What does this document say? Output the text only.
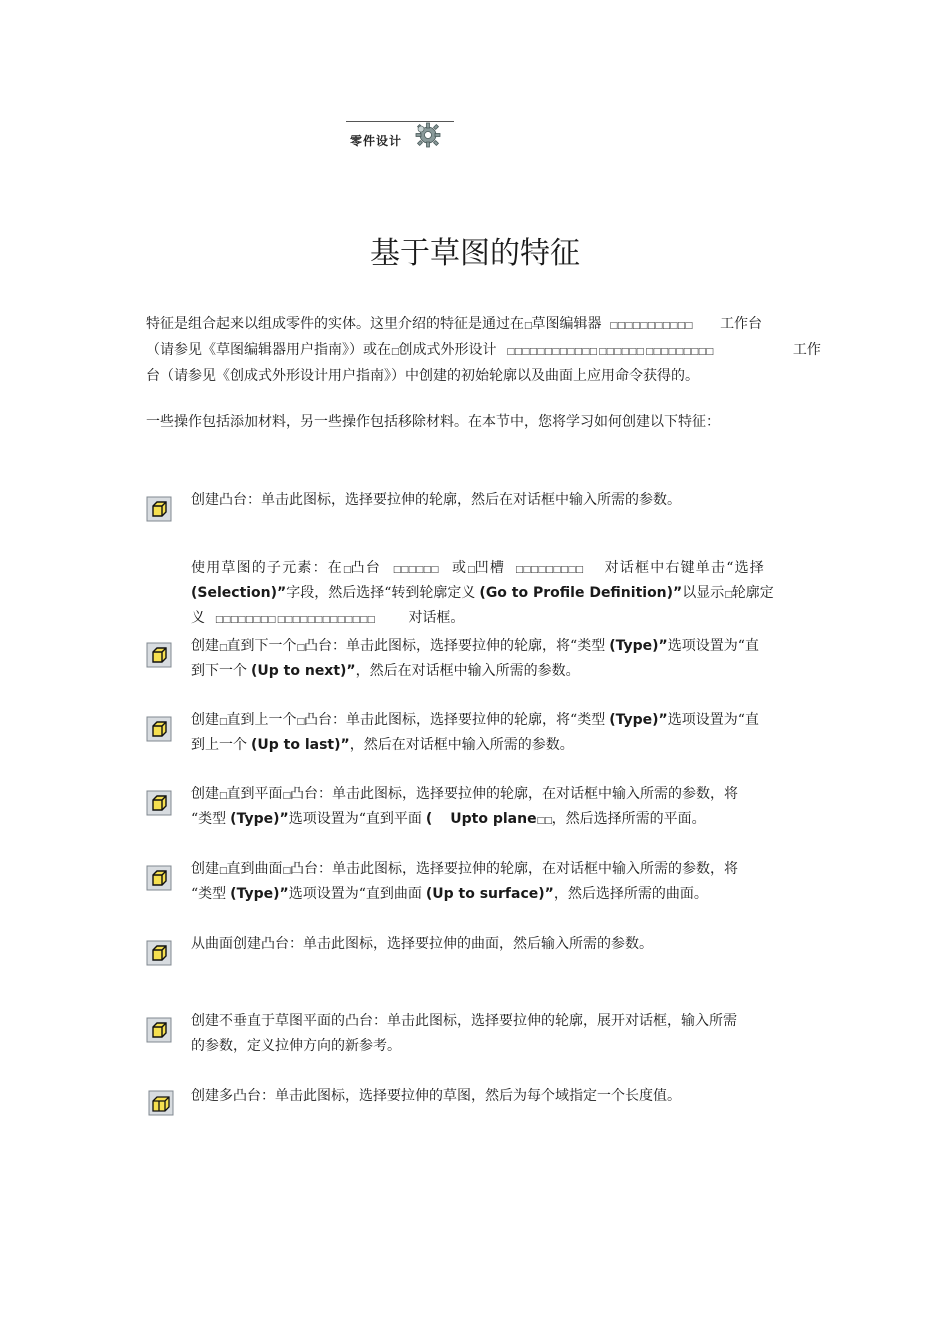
零件设计
基于草图的特征
特征是组合起来以组成零件的实体。这里介绍的特征是通过在□草图编辑器 □□□□□□□□□□□ 工作台
（请参见《草图编辑器用户指南》）或在□创成式外形设计 □□□□□□□□□□□□ □□□□□□ □□□□□□□□□	工作
台（请参见《创成式外形设计用户指南》）中创建的初始轮廓以及曲面上应用命令获得的。
一些操作包括添加材料，另一些操作包括移除材料。在本节中，您将学习如何创建以下特征：
创建凸台：单击此图标，选择要拉伸的轮廓，然后在对话框中输入所需的参数。
使用草图的子元素：在□凸台 □□□□□□ 或□凹槽 □□□□□□□□□ 对话框中右键单击“选择
(Selection)”字段，然后选择“转到轮廓定义 (Go to Profile Definition)”以显示□轮廓定
义 □□□□□□□□ □□□□□□□□□□□□□ 对话框。
创建□直到下一个□凸台：单击此图标，选择要拉伸的轮廓，将“类型 (Type)”选项设置为“直
到下一个 (Up to next)”，然后在对话框中输入所需的参数。
创建□直到上一个□凸台：单击此图标，选择要拉伸的轮廓，将“类型 (Type)”选项设置为“直
到上一个 (Up to last)”，然后在对话框中输入所需的参数。
创建□直到平面□凸台：单击此图标，选择要拉伸的轮廓，在对话框中输入所需的参数，将
“类型 (Type)”选项设置为“直到平面 ( Upto plane□□，然后选择所需的平面。
创建□直到曲面□凸台：单击此图标，选择要拉伸的轮廓，在对话框中输入所需的参数，将
“类型 (Type)”选项设置为“直到曲面 (Up to surface)”，然后选择所需的曲面。
从曲面创建凸台：单击此图标，选择要拉伸的曲面，然后输入所需的参数。
创建不垂直于草图平面的凸台：单击此图标，选择要拉伸的轮廓，展开对话框，输入所需
的参数，定义拉伸方向的新参考。
创建多凸台：单击此图标，选择要拉伸的草图，然后为每个域指定一个长度值。
